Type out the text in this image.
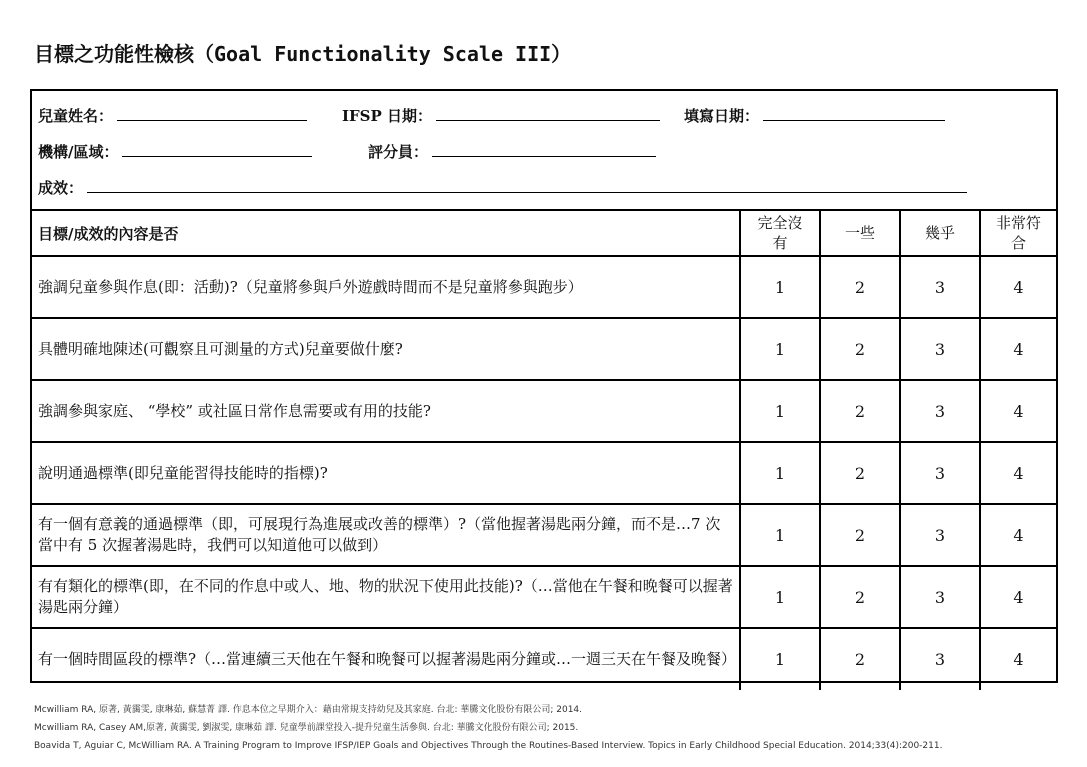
目標之功能性檢核（Goal Functionality Scale III）
兒童姓名：	IFSP 日期：	填寫日期：
機構/區域：	評分員：
成效：
目標/成效的內容是否	完全沒有	一些	幾乎	非常符合

強調兒童參與作息(即：活動)?（兒童將參與戶外遊戲時間而不是兒童將參與跑步）	1	2	3	4
具體明確地陳述(可觀察且可測量的方式)兒童要做什麼?	1	2	3	4
強調參與家庭、 “學校” 或社區日常作息需要或有用的技能?	1	2	3	4
說明通過標準(即兒童能習得技能時的指標)?	1	2	3	4
有一個有意義的通過標準（即，可展現行為進展或改善的標準）?（當他握著湯匙兩分鐘，而不是…7 次當中有 5 次握著湯匙時，我們可以知道他可以做到）	1	2	3	4
有有類化的標準(即，在不同的作息中或人、地、物的狀況下使用此技能)?（…當他在午餐和晚餐可以握著湯匙兩分鐘）	1	2	3	4
有一個時間區段的標準?（…當連續三天他在午餐和晚餐可以握著湯匙兩分鐘或…一週三天在午餐及晚餐）	1	2	3	4
Mcwilliam RA, 原著, 黃靄雯, 康琳茹, 蘇慧菁 譯. 作息本位之早期介入：藉由常規支持幼兒及其家庭. 台北: 華騰文化股份有限公司; 2014.
Mcwilliam RA, Casey AM,原著, 黃靄雯, 劉淑雯, 康琳茹 譯. 兒童學前課堂投入-提升兒童生活參與. 台北: 華騰文化股份有限公司; 2015.
Boavida T, Aguiar C, McWilliam RA. A Training Program to Improve IFSP/IEP Goals and Objectives Through the Routines-Based Interview. Topics in Early Childhood Special Education. 2014;33(4):200-211.
